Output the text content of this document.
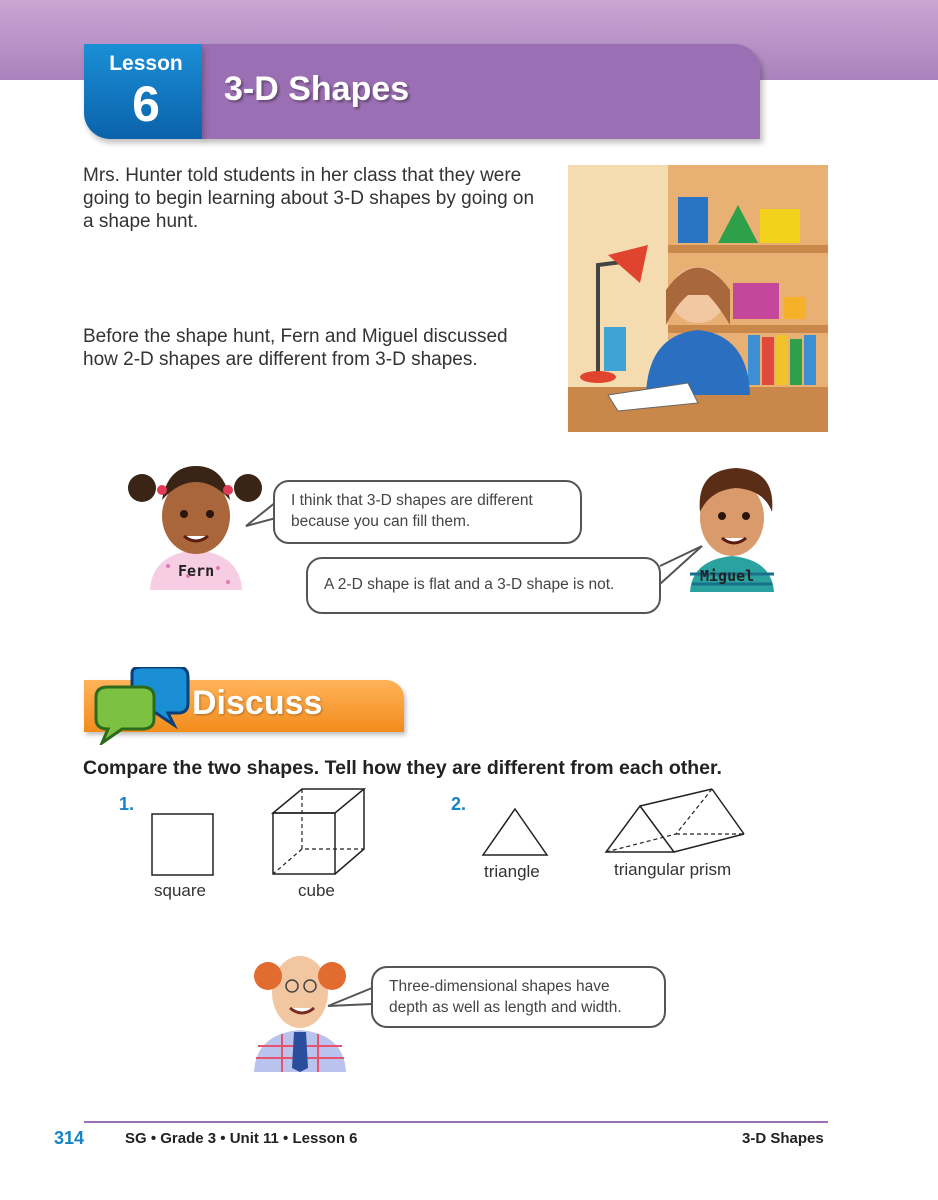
Lesson
6	3-D Shapes
Mrs. Hunter told students in her class that they were going to begin learning about 3-D shapes by going on a shape hunt.
Before the shape hunt, Fern and Miguel discussed how 2-D shapes are different from 3-D shapes.
Fern
I think that 3-D shapes are different because you can fill them.
Miguel
A 2-D shape is flat and a 3-D shape is not.
Discuss
Compare the two shapes. Tell how they are different from each other.
1.
square	cube
2.
triangle	triangular prism
Three-dimensional shapes have depth as well as length and width.
314	SG • Grade 3 • Unit 11 • Lesson 6	3-D Shapes
